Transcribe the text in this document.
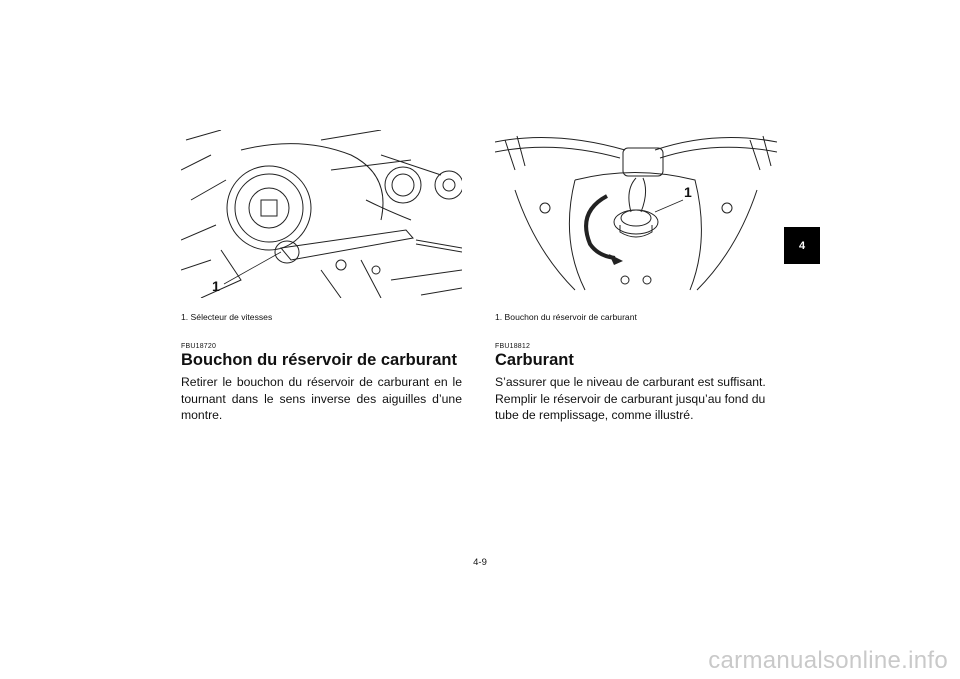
1
1. Sélecteur de vitesses
FBU18720
Bouchon du réservoir de carburant
Retirer le bouchon du réservoir de carburant en le tournant dans le sens inverse des aiguilles d’une montre.
1
1. Bouchon du réservoir de carburant
FBU18812
Carburant
S’assurer que le niveau de carburant est suffisant. Remplir le réservoir de carburant jusqu’au fond du tube de remplissage, comme illustré.
4
4-9
carmanualsonline.info
